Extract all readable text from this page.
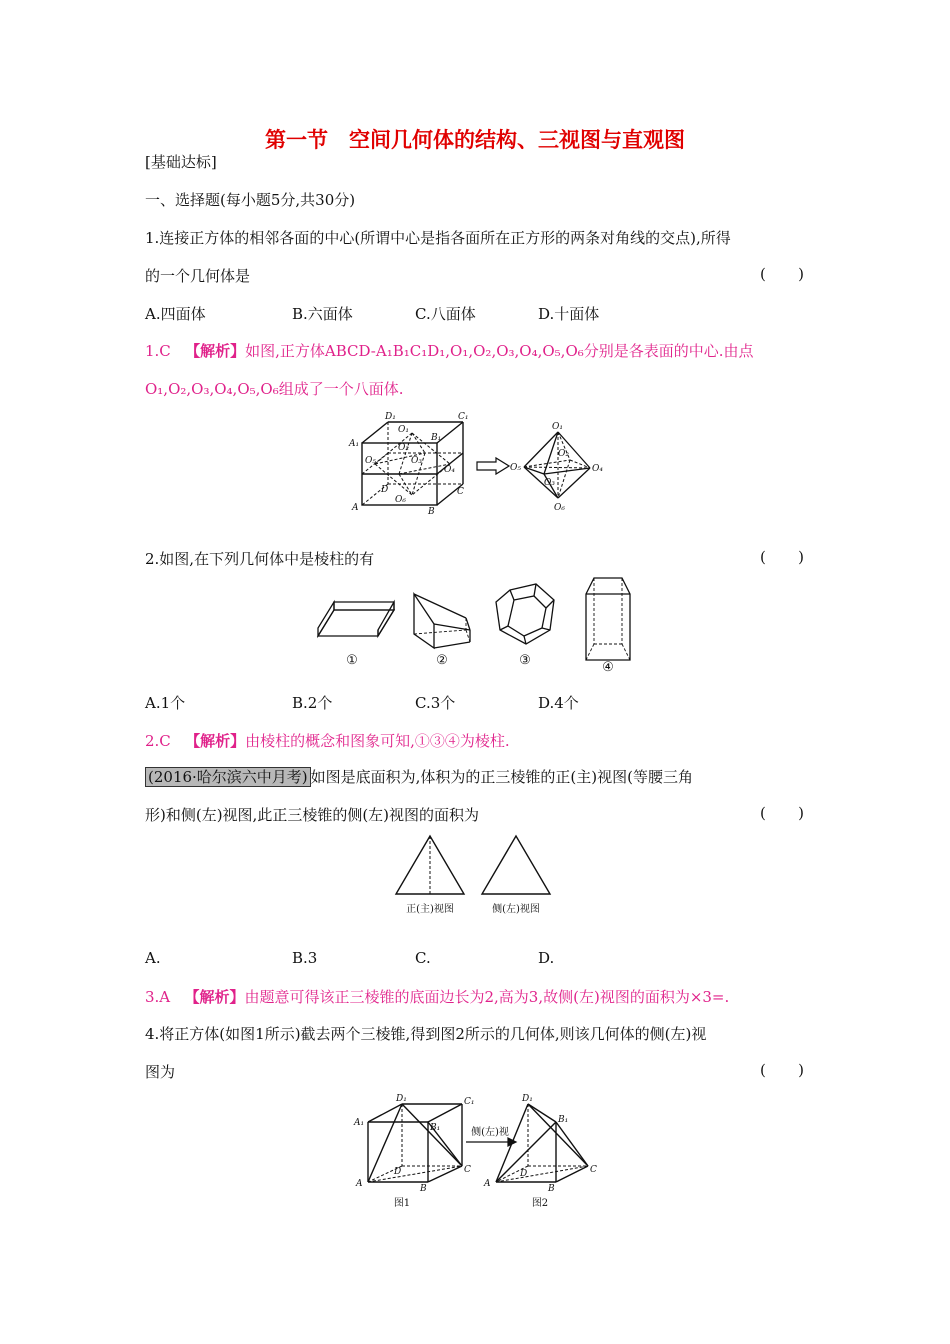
第一节　空间几何体的结构、三视图与直观图
[基础达标]
一、选择题(每小题5分,共30分)
1.连接正方体的相邻各面的中心(所谓中心是指各面所在正方形的两条对角线的交点),所得
的一个几何体是	( )
A.四面体	B.六面体	C.八面体	D.十面体
1.C 【解析】如图,正方体ABCD-A₁B₁C₁D₁,O₁,O₂,O₃,O₄,O₅,O₆分别是各表面的中心.由点
O₁,O₂,O₃,O₄,O₅,O₆组成了一个八面体.
D₁	C₁
A₁
B₁
O₁
O₂
O₃
O₄
O₅
O₆
D	C
A	B
O₁
O₂
O₃
O₄
O₅
O₆
2.如图,在下列几何体中是棱柱的有	( )
①	②	③	④
A.1个	B.2个	C.3个	D.4个
2.C 【解析】由棱柱的概念和图象可知,①③④为棱柱.
(2016·哈尔滨六中月考) 如图是底面积为,体积为的正三棱锥的正(主)视图(等腰三角
形)和侧(左)视图,此正三棱锥的侧(左)视图的面积为	( )
正(主)视图	侧(左)视图
A.	B.3	C.	D.
3.A 【解析】由题意可得该正三棱锥的底面边长为2,高为3,故侧(左)视图的面积为×3=.
4.将正方体(如图1所示)截去两个三棱锥,得到图2所示的几何体,则该几何体的侧(左)视
图为	( )
D₁	C₁
A₁	B₁
D
A	B
C
侧(左)视
D₁
B₁
D
A	B
C
图1	图2
